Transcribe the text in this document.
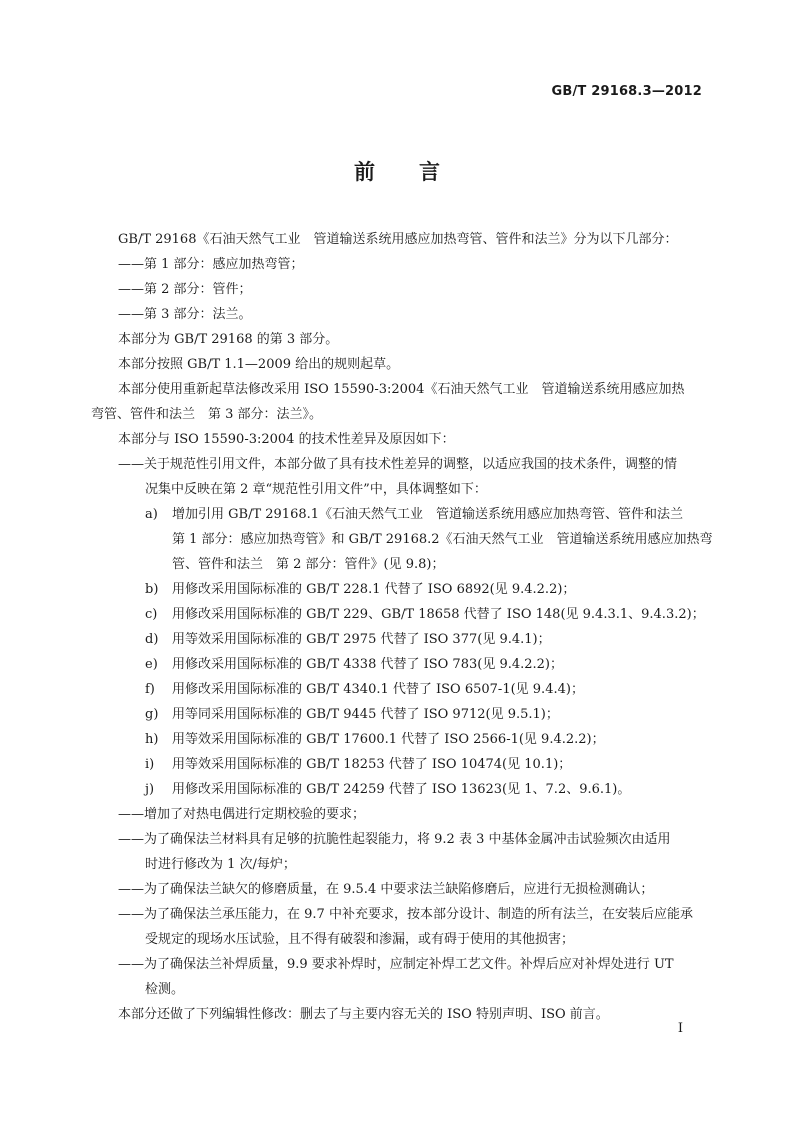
GB/T 29168.3—2012
前言
GB/T 29168《石油天然气工业　管道输送系统用感应加热弯管、管件和法兰》分为以下几部分：
——第 1 部分：感应加热弯管；
——第 2 部分：管件；
——第 3 部分：法兰。
本部分为 GB/T 29168 的第 3 部分。
本部分按照 GB/T 1.1—2009 给出的规则起草。
本部分使用重新起草法修改采用 ISO 15590-3:2004《石油天然气工业　管道输送系统用感应加热
弯管、管件和法兰　第 3 部分：法兰》。
本部分与 ISO 15590-3:2004 的技术性差异及原因如下：
——关于规范性引用文件，本部分做了具有技术性差异的调整，以适应我国的技术条件，调整的情
况集中反映在第 2 章“规范性引用文件”中，具体调整如下：
a) 增加引用 GB/T 29168.1《石油天然气工业　管道输送系统用感应加热弯管、管件和法兰
第 1 部分：感应加热弯管》和 GB/T 29168.2《石油天然气工业　管道输送系统用感应加热弯
管、管件和法兰　第 2 部分：管件》(见 9.8)；
b) 用修改采用国际标准的 GB/T 228.1 代替了 ISO 6892(见 9.4.2.2)；
c) 用修改采用国际标准的 GB/T 229、GB/T 18658 代替了 ISO 148(见 9.4.3.1、9.4.3.2)；
d) 用等效采用国际标准的 GB/T 2975 代替了 ISO 377(见 9.4.1)；
e) 用修改采用国际标准的 GB/T 4338 代替了 ISO 783(见 9.4.2.2)；
f) 用修改采用国际标准的 GB/T 4340.1 代替了 ISO 6507-1(见 9.4.4)；
g) 用等同采用国际标准的 GB/T 9445 代替了 ISO 9712(见 9.5.1)；
h) 用等效采用国际标准的 GB/T 17600.1 代替了 ISO 2566-1(见 9.4.2.2)；
i) 用等效采用国际标准的 GB/T 18253 代替了 ISO 10474(见 10.1)；
j) 用修改采用国际标准的 GB/T 24259 代替了 ISO 13623(见 1、7.2、9.6.1)。
——增加了对热电偶进行定期校验的要求；
——为了确保法兰材料具有足够的抗脆性起裂能力，将 9.2 表 3 中基体金属冲击试验频次由适用
时进行修改为 1 次/每炉；
——为了确保法兰缺欠的修磨质量，在 9.5.4 中要求法兰缺陷修磨后，应进行无损检测确认；
——为了确保法兰承压能力，在 9.7 中补充要求，按本部分设计、制造的所有法兰，在安装后应能承
受规定的现场水压试验，且不得有破裂和渗漏，或有碍于使用的其他损害；
——为了确保法兰补焊质量，9.9 要求补焊时，应制定补焊工艺文件。补焊后应对补焊处进行 UT
检测。
本部分还做了下列编辑性修改：删去了与主要内容无关的 ISO 特别声明、ISO 前言。
I
